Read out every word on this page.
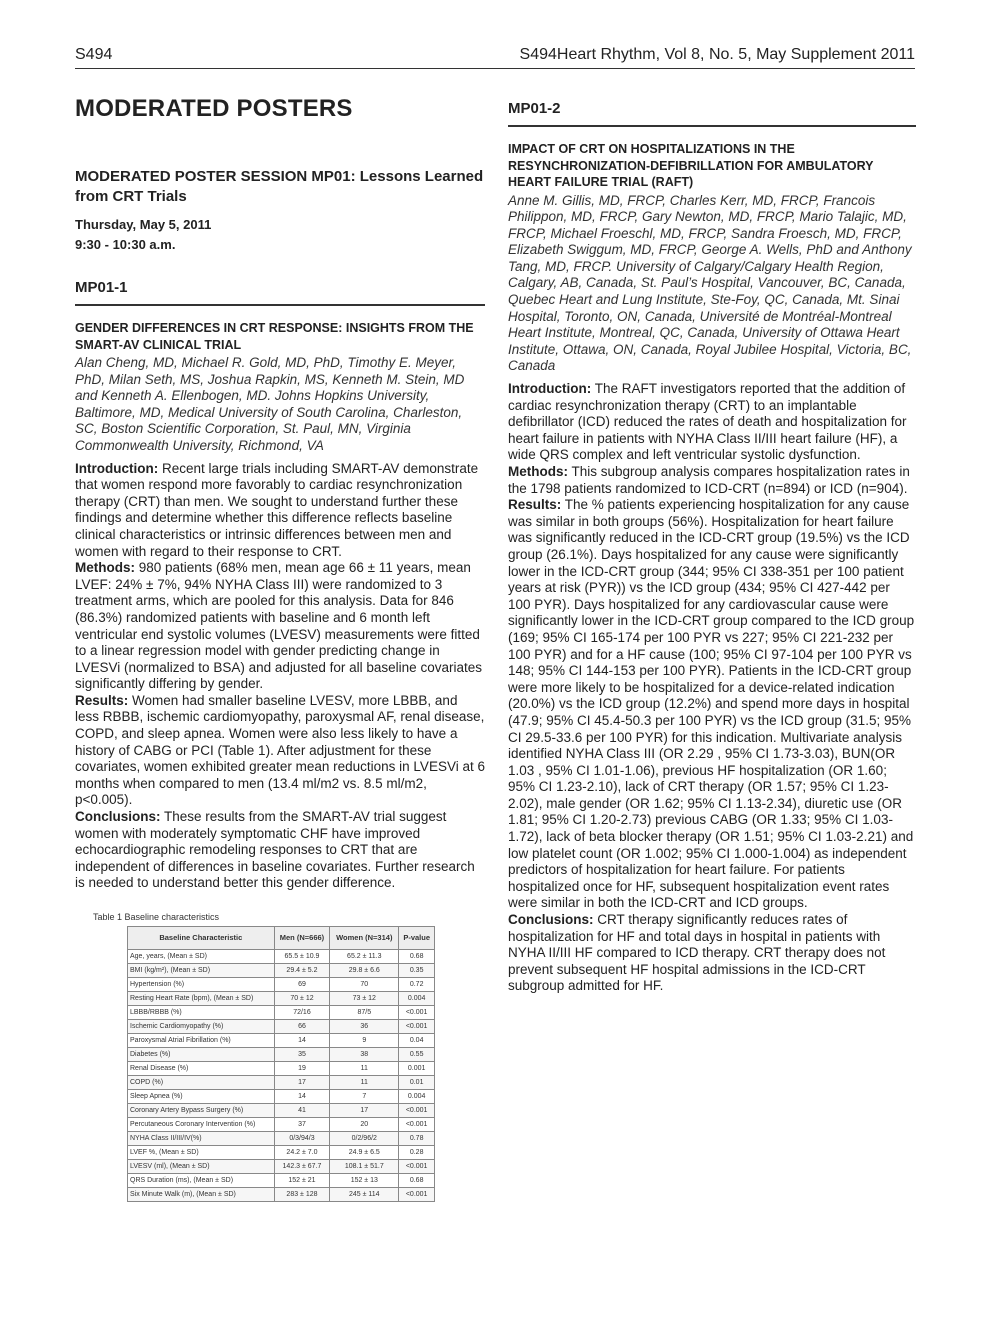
S494	S494Heart Rhythm, Vol 8, No. 5, May Supplement 2011
MODERATED POSTERS

MODERATED POSTER SESSION MP01: Lessons Learned from CRT Trials

Thursday, May 5, 2011

9:30 - 10:30 a.m.

MP01-1

GENDER DIFFERENCES IN CRT RESPONSE: INSIGHTS FROM THE SMART-AV CLINICAL TRIAL

Alan Cheng, MD, Michael R. Gold, MD, PhD, Timothy E. Meyer, PhD, Milan Seth, MS, Joshua Rapkin, MS, Kenneth M. Stein, MD and Kenneth A. Ellenbogen, MD. Johns Hopkins University, Baltimore, MD, Medical University of South Carolina, Charleston, SC, Boston Scientific Corporation, St. Paul, MN, Virginia Commonwealth University, Richmond, VA

Introduction: Recent large trials including SMART-AV demonstrate that women respond more favorably to cardiac resynchronization therapy (CRT) than men. We sought to understand further these findings and determine whether this difference reflects baseline clinical characteristics or intrinsic differences between men and women with regard to their response to CRT.

Methods: 980 patients (68% men, mean age 66 ± 11 years, mean LVEF: 24% ± 7%, 94% NYHA Class III) were randomized to 3 treatment arms, which are pooled for this analysis. Data for 846 (86.3%) randomized patients with baseline and 6 month left ventricular end systolic volumes (LVESV) measurements were fitted to a linear regression model with gender predicting change in LVESVi (normalized to BSA) and adjusted for all baseline covariates significantly differing by gender.

Results: Women had smaller baseline LVESV, more LBBB, and less RBBB, ischemic cardiomyopathy, paroxysmal AF, renal disease, COPD, and sleep apnea. Women were also less likely to have a history of CABG or PCI (Table 1). After adjustment for these covariates, women exhibited greater mean reductions in LVESVi at 6 months when compared to men (13.4 ml/m2 vs. 8.5 ml/m2, p<0.005).

Conclusions: These results from the SMART-AV trial suggest women with moderately symptomatic CHF have improved echocardiographic remodeling responses to CRT that are independent of differences in baseline covariates. Further research is needed to understand better this gender difference.

Table 1 Baseline characteristics
Baseline Characteristic	Men (N=666)	Women (N=314)	P-value
Age, years, (Mean ± SD)	65.5 ± 10.9	65.2 ± 11.3	0.68
BMI (kg/m²), (Mean ± SD)	29.4 ± 5.2	29.8 ± 6.6	0.35
Hypertension (%)	69	70	0.72
Resting Heart Rate (bpm), (Mean ± SD)	70 ± 12	73 ± 12	0.004
LBBB/RBBB (%)	72/16	87/5	<0.001
Ischemic Cardiomyopathy (%)	66	36	<0.001
Paroxysmal Atrial Fibrillation (%)	14	9	0.04
Diabetes (%)	35	38	0.55
Renal Disease (%)	19	11	0.001
COPD (%)	17	11	0.01
Sleep Apnea (%)	14	7	0.004
Coronary Artery Bypass Surgery (%)	41	17	<0.001
Percutaneous Coronary Intervention (%)	37	20	<0.001
NYHA Class II/III/IV(%)	0/3/94/3	0/2/96/2	0.78
LVEF %, (Mean ± SD)	24.2 ± 7.0	24.9 ± 6.5	0.28
LVESV (ml), (Mean ± SD)	142.3 ± 67.7	108.1 ± 51.7	<0.001
QRS Duration (ms), (Mean ± SD)	152 ± 21	152 ± 13	0.68
Six Minute Walk (m), (Mean ± SD)	283 ± 128	245 ± 114	<0.001
MP01-2

IMPACT OF CRT ON HOSPITALIZATIONS IN THE RESYNCHRONIZATION-DEFIBRILLATION FOR AMBULATORY HEART FAILURE TRIAL (RAFT)

Anne M. Gillis, MD, FRCP, Charles Kerr, MD, FRCP, Francois Philippon, MD, FRCP, Gary Newton, MD, FRCP, Mario Talajic, MD, FRCP, Michael Froeschl, MD, FRCP, Sandra Froesch, MD, FRCP, Elizabeth Swiggum, MD, FRCP, George A. Wells, PhD and Anthony Tang, MD, FRCP. University of Calgary/Calgary Health Region, Calgary, AB, Canada, St. Paul’s Hospital, Vancouver, BC, Canada, Quebec Heart and Lung Institute, Ste-Foy, QC, Canada, Mt. Sinai Hospital, Toronto, ON, Canada, Université de Montréal-Montreal Heart Institute, Montreal, QC, Canada, University of Ottawa Heart Institute, Ottawa, ON, Canada, Royal Jubilee Hospital, Victoria, BC, Canada

Introduction: The RAFT investigators reported that the addition of cardiac resynchronization therapy (CRT) to an implantable defibrillator (ICD) reduced the rates of death and hospitalization for heart failure in patients with NYHA Class II/III heart failure (HF), a wide QRS complex and left ventricular systolic dysfunction.

Methods: This subgroup analysis compares hospitalization rates in the 1798 patients randomized to ICD-CRT (n=894) or ICD (n=904).

Results: The % patients experiencing hospitalization for any cause was similar in both groups (56%). Hospitalization for heart failure was significantly reduced in the ICD-CRT group (19.5%) vs the ICD group (26.1%). Days hospitalized for any cause were significantly lower in the ICD-CRT group (344; 95% CI 338-351 per 100 patient years at risk (PYR)) vs the ICD group (434; 95% CI 427-442 per 100 PYR). Days hospitalized for any cardiovascular cause were significantly lower in the ICD-CRT group compared to the ICD group (169; 95% CI 165-174 per 100 PYR vs 227; 95% CI 221-232 per 100 PYR) and for a HF cause (100; 95% CI 97-104 per 100 PYR vs 148; 95% CI 144-153 per 100 PYR). Patients in the ICD-CRT group were more likely to be hospitalized for a device-related indication (20.0%) vs the ICD group (12.2%) and spend more days in hospital (47.9; 95% CI 45.4-50.3 per 100 PYR) vs the ICD group (31.5; 95% CI 29.5-33.6 per 100 PYR) for this indication. Multivariate analysis identified NYHA Class III (OR 2.29 , 95% CI 1.73-3.03), BUN(OR 1.03 , 95% CI 1.01-1.06), previous HF hospitalization (OR 1.60; 95% CI 1.23-2.10), lack of CRT therapy (OR 1.57; 95% CI 1.23-2.02), male gender (OR 1.62; 95% CI 1.13-2.34), diuretic use (OR 1.81; 95% CI 1.20-2.73) previous CABG (OR 1.33; 95% CI 1.03-1.72), lack of beta blocker therapy (OR 1.51; 95% CI 1.03-2.21) and low platelet count (OR 1.002; 95% CI 1.000-1.004) as independent predictors of hospitalization for heart failure. For patients hospitalized once for HF, subsequent hospitalization event rates were similar in both the ICD-CRT and ICD groups.

Conclusions: CRT therapy significantly reduces rates of hospitalization for HF and total days in hospital in patients with NYHA II/III HF compared to ICD therapy. CRT therapy does not prevent subsequent HF hospital admissions in the ICD-CRT subgroup admitted for HF.
